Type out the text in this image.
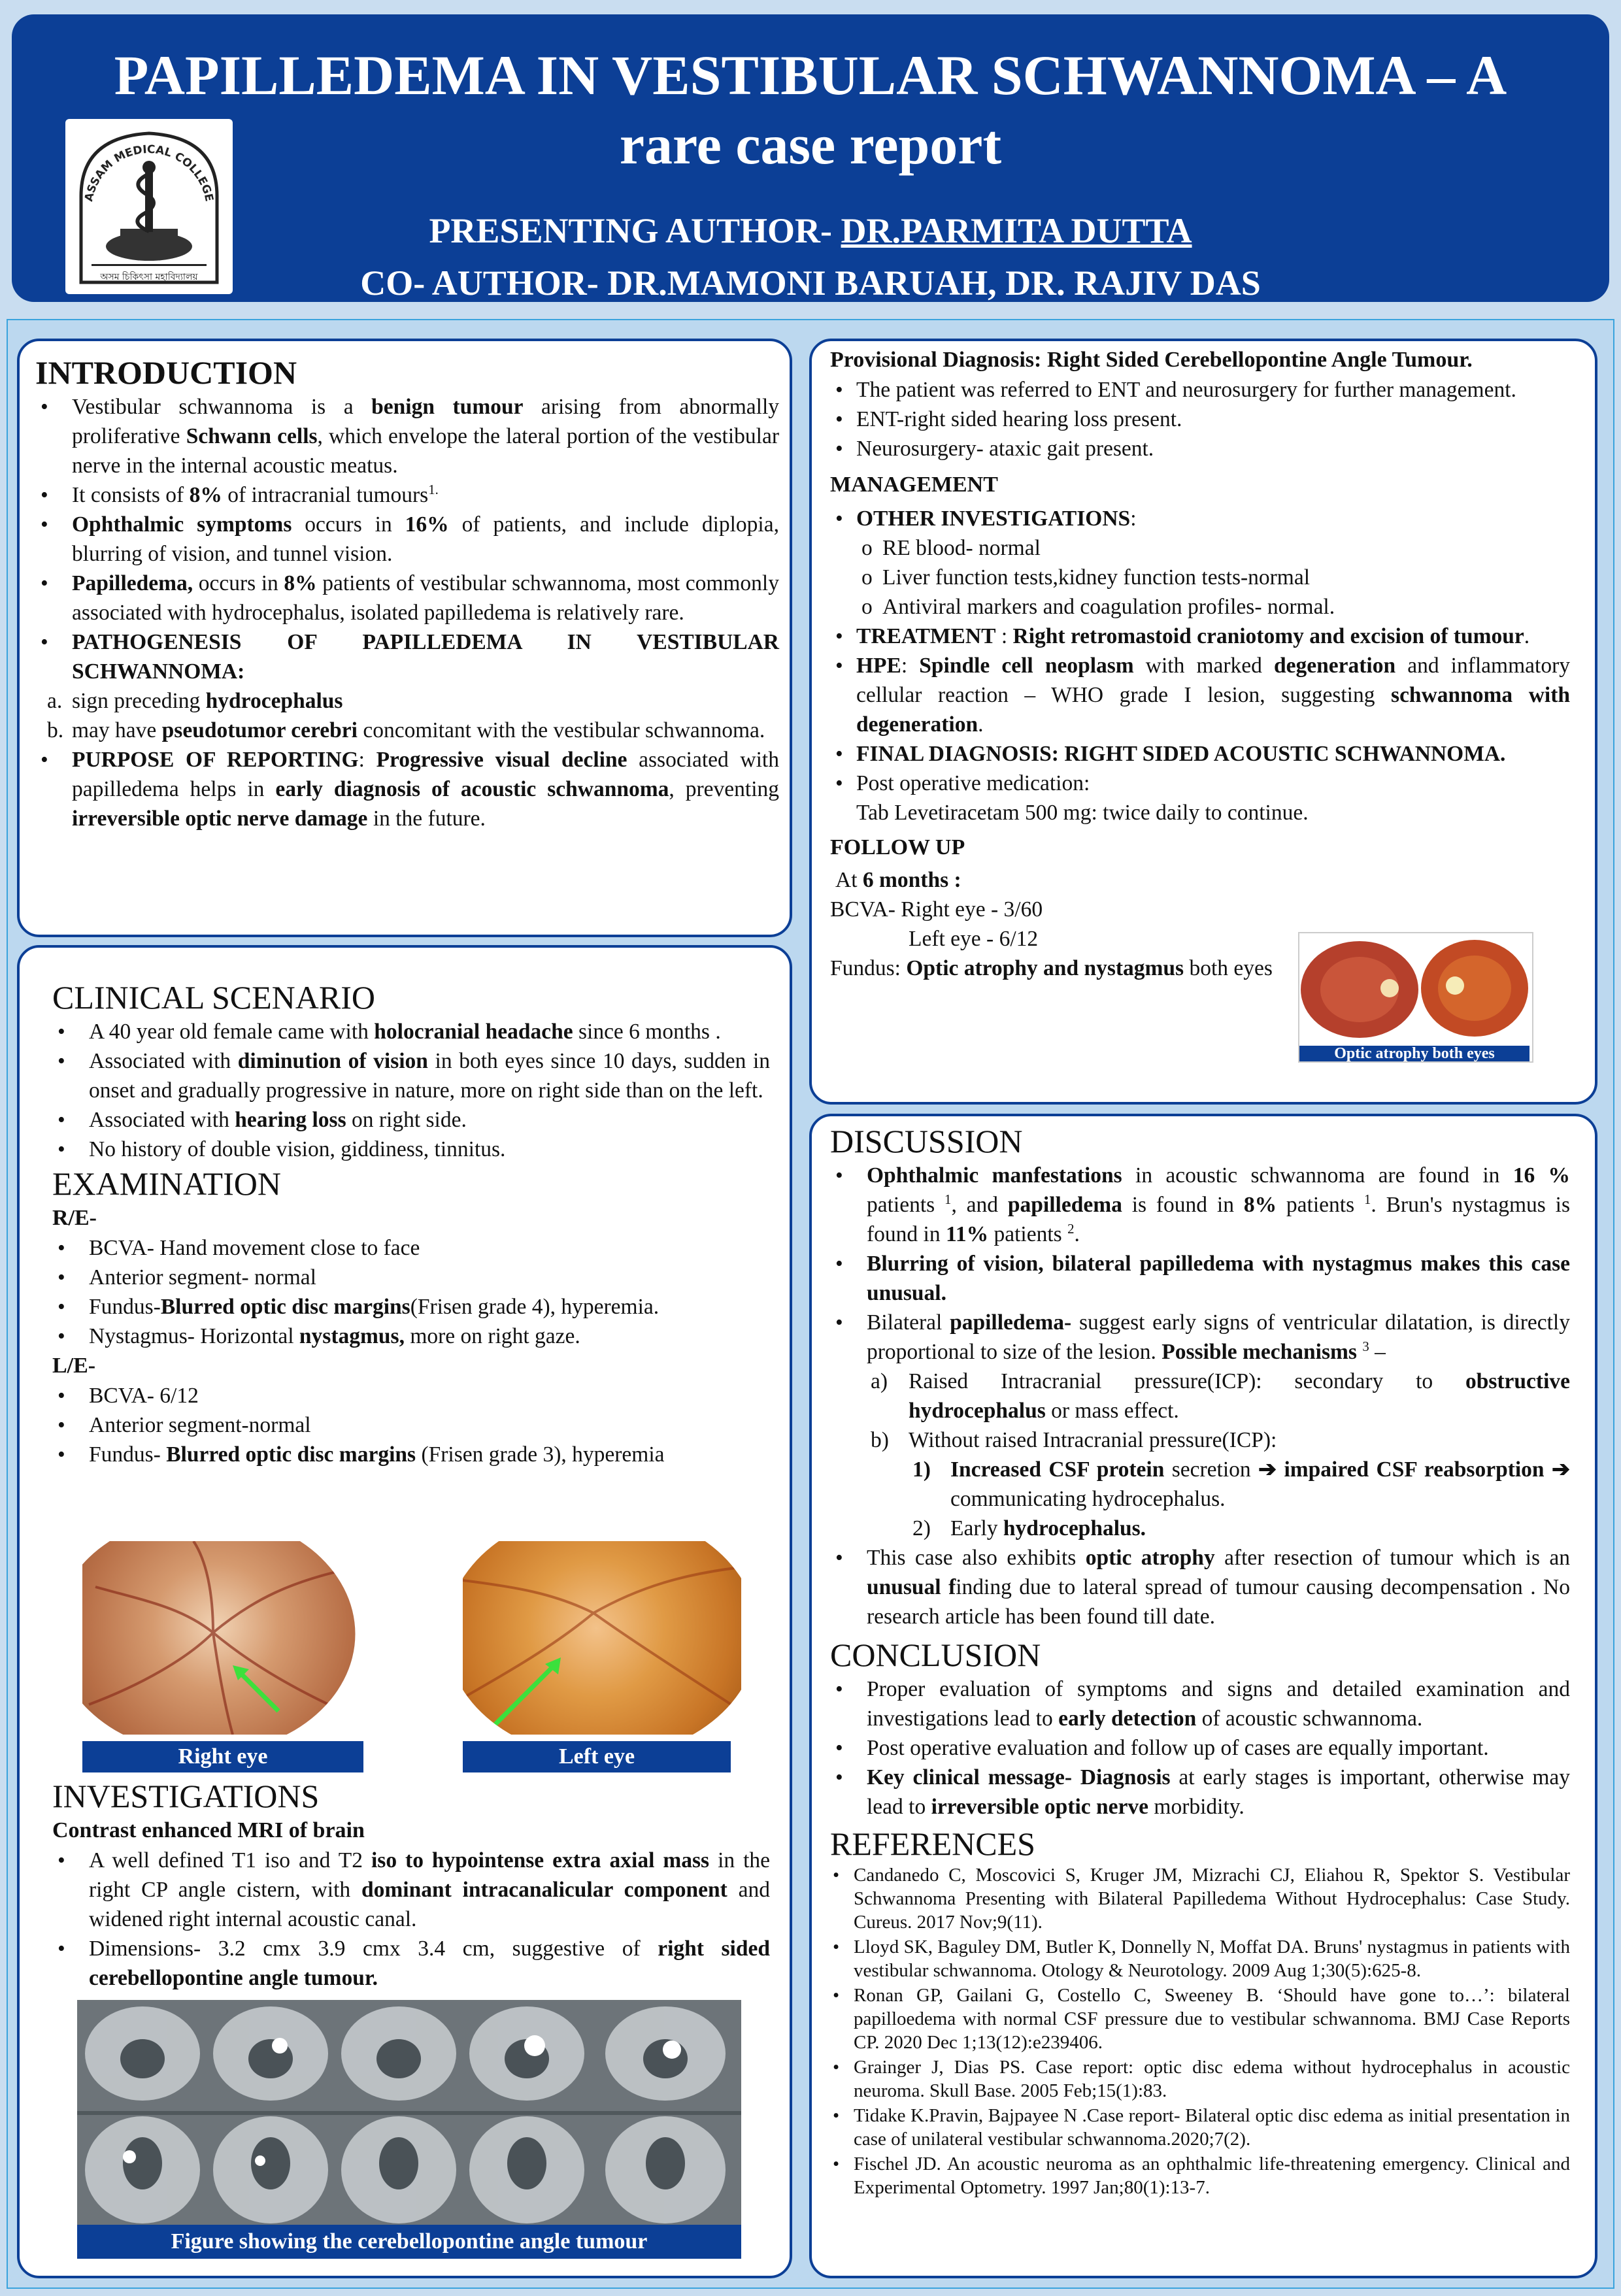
ASSAM MEDICAL COLLEGE
অসম চিকিৎসা মহাবিদ্যালয়
PAPILLEDEMA IN VESTIBULAR SCHWANNOMA – A
rare case report
PRESENTING AUTHOR- DR.PARMITA DUTTA
CO- AUTHOR- DR.MAMONI BARUAH, DR. RAJIV DAS
INTRODUCTION
• Vestibular schwannoma is a benign tumour arising from abnormally proliferative Schwann cells, which envelope the lateral portion of the vestibular nerve in the internal acoustic meatus.
• It consists of 8% of intracranial tumours$^{1.}$
• Ophthalmic symptoms occurs in 16% of patients, and include diplopia, blurring of vision, and tunnel vision.
• Papilledema, occurs in 8% patients of vestibular schwannoma, most commonly associated with hydrocephalus, isolated papilledema is relatively rare.
• PATHOGENESIS OF PAPILLEDEMA IN VESTIBULAR SCHWANNOMA:
a. sign preceding hydrocephalus
b. may have pseudotumor cerebri concomitant with the vestibular schwannoma.
• PURPOSE OF REPORTING: Progressive visual decline associated with papilledema helps in early diagnosis of acoustic schwannoma, preventing irreversible optic nerve damage in the future.
CLINICAL SCENARIO
• A 40 year old female came with holocranial headache since 6 months .
• Associated with diminution of vision in both eyes since 10 days, sudden in onset and gradually progressive in nature, more on right side than on the left.
• Associated with hearing loss on right side.
• No history of double vision, giddiness, tinnitus.
EXAMINATION
R/E-
• BCVA- Hand movement close to face
• Anterior segment- normal
• Fundus-Blurred optic disc margins(Frisen grade 4), hyperemia.
• Nystagmus- Horizontal nystagmus, more on right gaze.
L/E-
• BCVA- 6/12
• Anterior segment-normal
• Fundus- Blurred optic disc margins (Frisen grade 3), hyperemia
Right eye	Left eye
INVESTIGATIONS
Contrast enhanced MRI of brain
• A well defined T1 iso and T2 iso to hypointense extra axial mass in the right CP angle cistern, with dominant intracanalicular component and widened right internal acoustic canal.
• Dimensions- 3.2 cmx 3.9 cmx 3.4 cm, suggestive of right sided cerebellopontine angle tumour.
Figure showing the cerebellopontine angle tumour
Provisional Diagnosis: Right Sided Cerebellopontine Angle Tumour.
• The patient was referred to ENT and neurosurgery for further management.
• ENT-right sided hearing loss present.
• Neurosurgery- ataxic gait present.
MANAGEMENT
• OTHER INVESTIGATIONS:
o RE blood- normal
o Liver function tests,kidney function tests-normal
o Antiviral markers and coagulation profiles- normal.
• TREATMENT : Right retromastoid craniotomy and excision of tumour.
• HPE: Spindle cell neoplasm with marked degeneration and inflammatory cellular reaction – WHO grade I lesion, suggesting schwannoma with degeneration.
• FINAL DIAGNOSIS: RIGHT SIDED ACOUSTIC SCHWANNOMA.
• Post operative medication:
Tab Levetiracetam 500 mg: twice daily to continue.
FOLLOW UP
At 6 months :
BCVA- Right eye - 3/60
Left eye - 6/12
Fundus: Optic atrophy and nystagmus both eyes
Optic atrophy both eyes
DISCUSSION
• Ophthalmic manfestations in acoustic schwannoma are found in 16 % patients $^1$, and papilledema is found in 8% patients $^1$. Brun's nystagmus is found in 11% patients $^2$.
• Blurring of vision, bilateral papilledema with nystagmus makes this case unusual.
• Bilateral papilledema- suggest early signs of ventricular dilatation, is directly proportional to size of the lesion. Possible mechanisms $^3$ –
a) Raised Intracranial pressure(ICP): secondary to obstructive hydrocephalus or mass effect.
b) Without raised Intracranial pressure(ICP):
1) Increased CSF protein secretion ➔ impaired CSF reabsorption ➔ communicating hydrocephalus.
2) Early hydrocephalus.
• This case also exhibits optic atrophy after resection of tumour which is an unusual finding due to lateral spread of tumour causing decompensation . No research article has been found till date.
CONCLUSION
• Proper evaluation of symptoms and signs and detailed examination and investigations lead to early detection of acoustic schwannoma.
• Post operative evaluation and follow up of cases are equally important.
• Key clinical message- Diagnosis at early stages is important, otherwise may lead to irreversible optic nerve morbidity.
REFERENCES
• Candanedo C, Moscovici S, Kruger JM, Mizrachi CJ, Eliahou R, Spektor S. Vestibular Schwannoma Presenting with Bilateral Papilledema Without Hydrocephalus: Case Study. Cureus. 2017 Nov;9(11).
• Lloyd SK, Baguley DM, Butler K, Donnelly N, Moffat DA. Bruns' nystagmus in patients with vestibular schwannoma. Otology & Neurotology. 2009 Aug 1;30(5):625-8.
• Ronan GP, Gailani G, Costello C, Sweeney B. ‘Should have gone to…’: bilateral papilloedema with normal CSF pressure due to vestibular schwannoma. BMJ Case Reports CP. 2020 Dec 1;13(12):e239406.
• Grainger J, Dias PS. Case report: optic disc edema without hydrocephalus in acoustic neuroma. Skull Base. 2005 Feb;15(1):83.
• Tidake K.Pravin, Bajpayee N .Case report- Bilateral optic disc edema as initial presentation in case of unilateral vestibular schwannoma.2020;7(2).
• Fischel JD. An acoustic neuroma as an ophthalmic life-threatening emergency. Clinical and Experimental Optometry. 1997 Jan;80(1):13-7.
